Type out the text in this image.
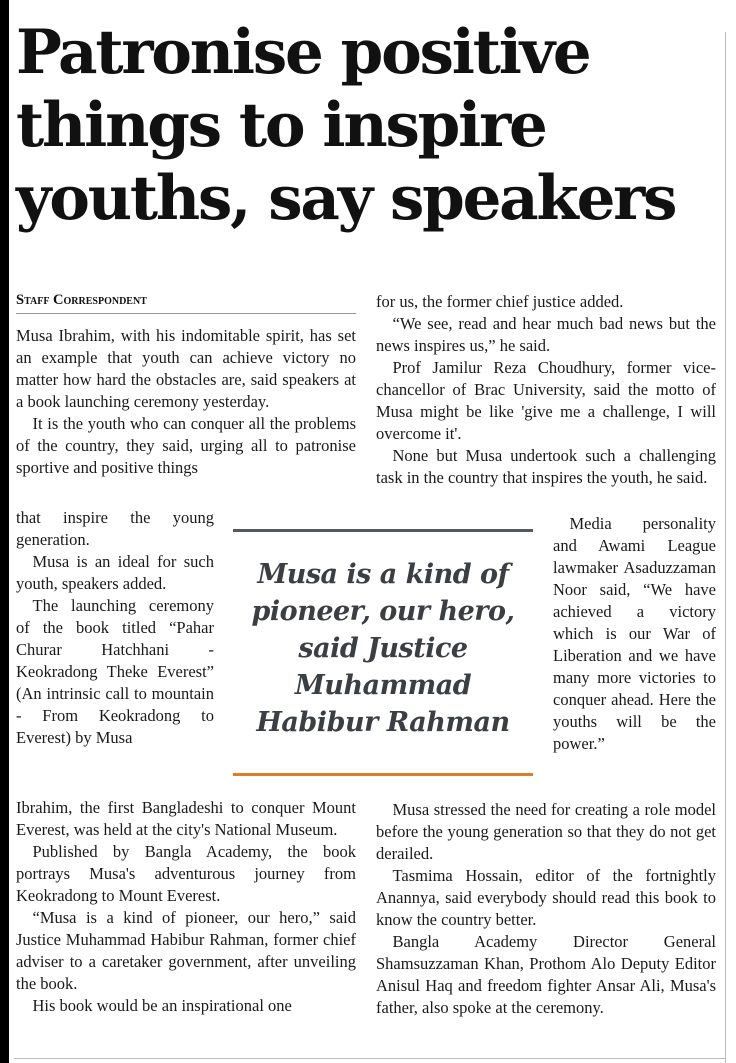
Patronise positive
things to inspire
youths, say speakers

Staff Correspondent

Musa Ibrahim, with his indomitable spirit, has set an example that youth can achieve victory no matter how hard the obstacles are, said speakers at a book launching ceremony yesterday.
 It is the youth who can conquer all the problems of the country, they said, urging all to patronise sportive and positive things

that inspire the young generation.
 Musa is an ideal for such youth, speakers added.
 The launching ceremony of the book titled “Pahar Churar Hatchhani - Keokradong Theke Everest” (An intrinsic call to mountain - From Keokradong to Everest) by Musa

Ibrahim, the first Bangladeshi to conquer Mount Everest, was held at the city's National Museum.
 Published by Bangla Academy, the book portrays Musa's adventurous journey from Keokradong to Mount Everest.
 “Musa is a kind of pioneer, our hero,” said Justice Muhammad Habibur Rahman, former chief adviser to a caretaker government, after unveiling the book.
 His book would be an inspirational one

for us, the former chief justice added.
 “We see, read and hear much bad news but the news inspires us,” he said.
 Prof Jamilur Reza Choudhury, former vice-chancellor of Brac University, said the motto of Musa might be like 'give me a challenge, I will overcome it'.
 None but Musa undertook such a challenging task in the country that inspires the youth, he said.

 Media personality and Awami League lawmaker Asaduzzaman Noor said, “We have achieved a victory which is our War of Liberation and we have many more victories to conquer ahead. Here the youths will be the power.”

 Musa stressed the need for creating a role model before the young generation so that they do not get derailed.
 Tasmima Hossain, editor of the fortnightly Anannya, said everybody should read this book to know the country better.
 Bangla Academy Director General Shamsuzzaman Khan, Prothom Alo Deputy Editor Anisul Haq and freedom fighter Ansar Ali, Musa's father, also spoke at the ceremony.

Musa is a kind of
pioneer, our hero,
said Justice
Muhammad
Habibur Rahman
